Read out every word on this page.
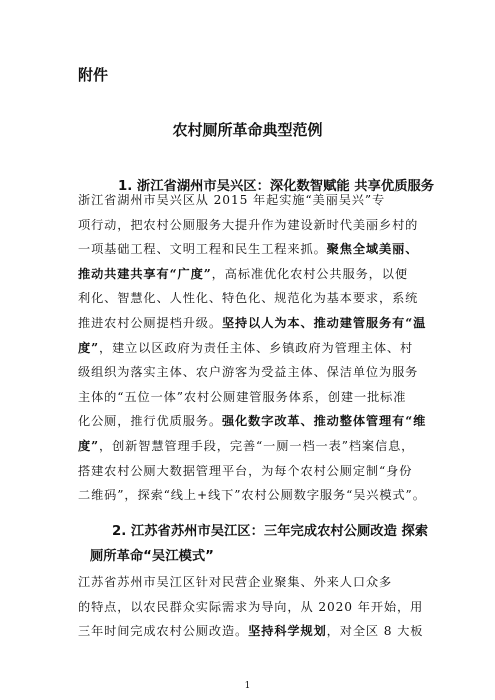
附件
农村厕所革命典型范例
1. 浙江省湖州市吴兴区：深化数智赋能 共享优质服务
浙江省湖州市吴兴区从 2015 年起实施“美丽吴兴”专
项行动，把农村公厕服务大提升作为建设新时代美丽乡村的
一项基础工程、文明工程和民生工程来抓。聚焦全域美丽、
推动共建共享有“广度”，高标准优化农村公共服务，以便
利化、智慧化、人性化、特色化、规范化为基本要求，系统
推进农村公厕提档升级。坚持以人为本、推动建管服务有“温
度”，建立以区政府为责任主体、乡镇政府为管理主体、村
级组织为落实主体、农户游客为受益主体、保洁单位为服务
主体的“五位一体”农村公厕建管服务体系，创建一批标准
化公厕，推行优质服务。强化数字改革、推动整体管理有“维
度”，创新智慧管理手段，完善“一厕一档一表”档案信息，
搭建农村公厕大数据管理平台，为每个农村公厕定制“身份
二维码”，探索“线上+线下”农村公厕数字服务“吴兴模式”。
2. 江苏省苏州市吴江区：三年完成农村公厕改造 探索
厕所革命“吴江模式”
江苏省苏州市吴江区针对民营企业聚集、外来人口众多
的特点，以农民群众实际需求为导向，从 2020 年开始，用
三年时间完成农村公厕改造。坚持科学规划，对全区 8 大板
1
